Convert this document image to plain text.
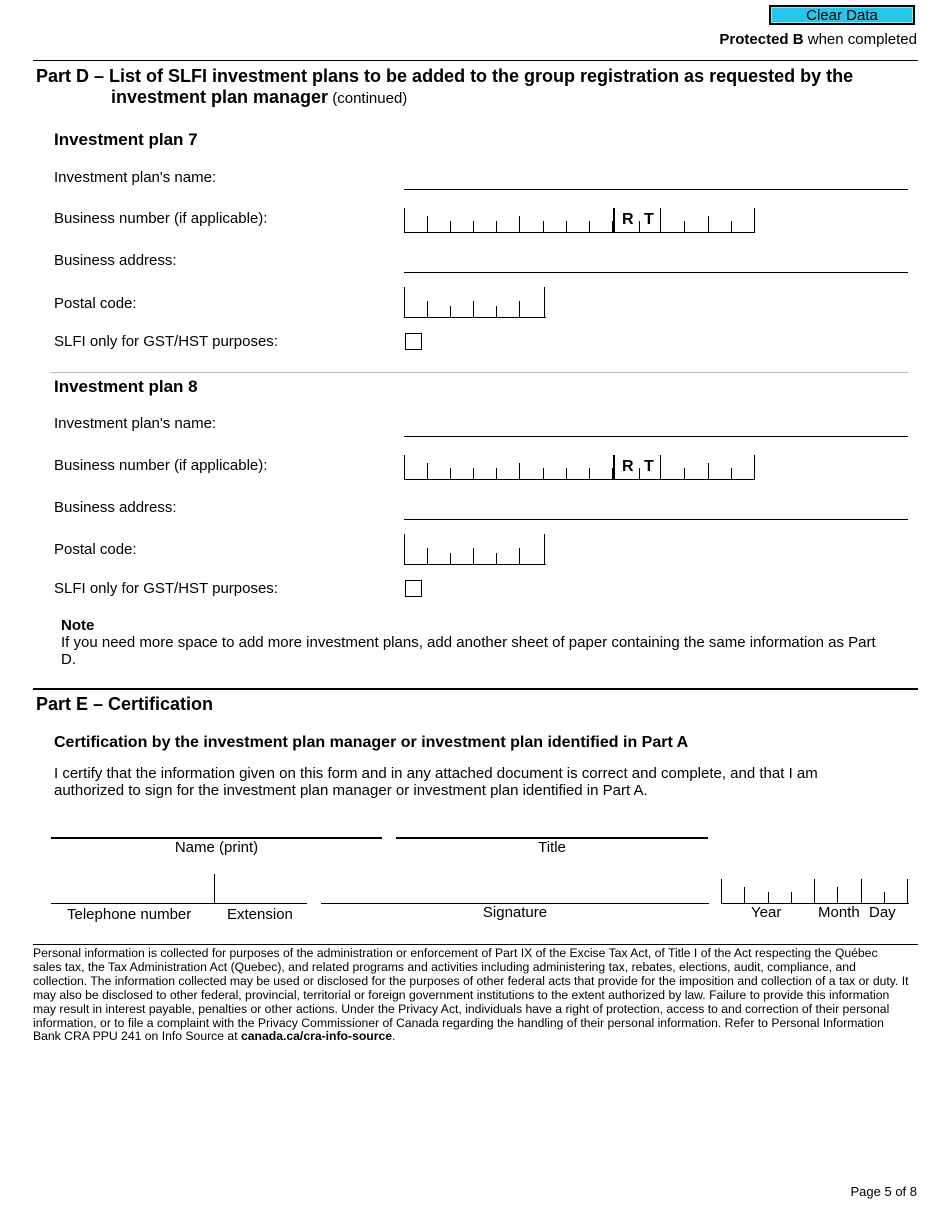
Clear Data
Protected B when completed
Part D – List of SLFI investment plans to be added to the group registration as requested by the
investment plan manager (continued)
Investment plan 7
Investment plan's name:
Business number (if applicable):	R T
Business address:
Postal code:
SLFI only for GST/HST purposes:
Investment plan 8
Investment plan's name:
Business number (if applicable):	R T
Business address:
Postal code:
SLFI only for GST/HST purposes:
Note
If you need more space to add more investment plans, add another sheet of paper containing the same information as Part D.
Part E – Certification
Certification by the investment plan manager or investment plan identified in Part A
I certify that the information given on this form and in any attached document is correct and complete, and that I am authorized to sign for the investment plan manager or investment plan identified in Part A.
Name (print)	Title
Telephone number Extension	Signature	Year Month Day
Personal information is collected for purposes of the administration or enforcement of Part IX of the Excise Tax Act, of Title I of the Act respecting the Québec sales tax, the Tax Administration Act (Quebec), and related programs and activities including administering tax, rebates, elections, audit, compliance, and collection. The information collected may be used or disclosed for the purposes of other federal acts that provide for the imposition and collection of a tax or duty. It may also be disclosed to other federal, provincial, territorial or foreign government institutions to the extent authorized by law. Failure to provide this information may result in interest payable, penalties or other actions. Under the Privacy Act, individuals have a right of protection, access to and correction of their personal information, or to file a complaint with the Privacy Commissioner of Canada regarding the handling of their personal information. Refer to Personal Information Bank CRA PPU 241 on Info Source at canada.ca/cra-info-source.
Page 5 of 8
